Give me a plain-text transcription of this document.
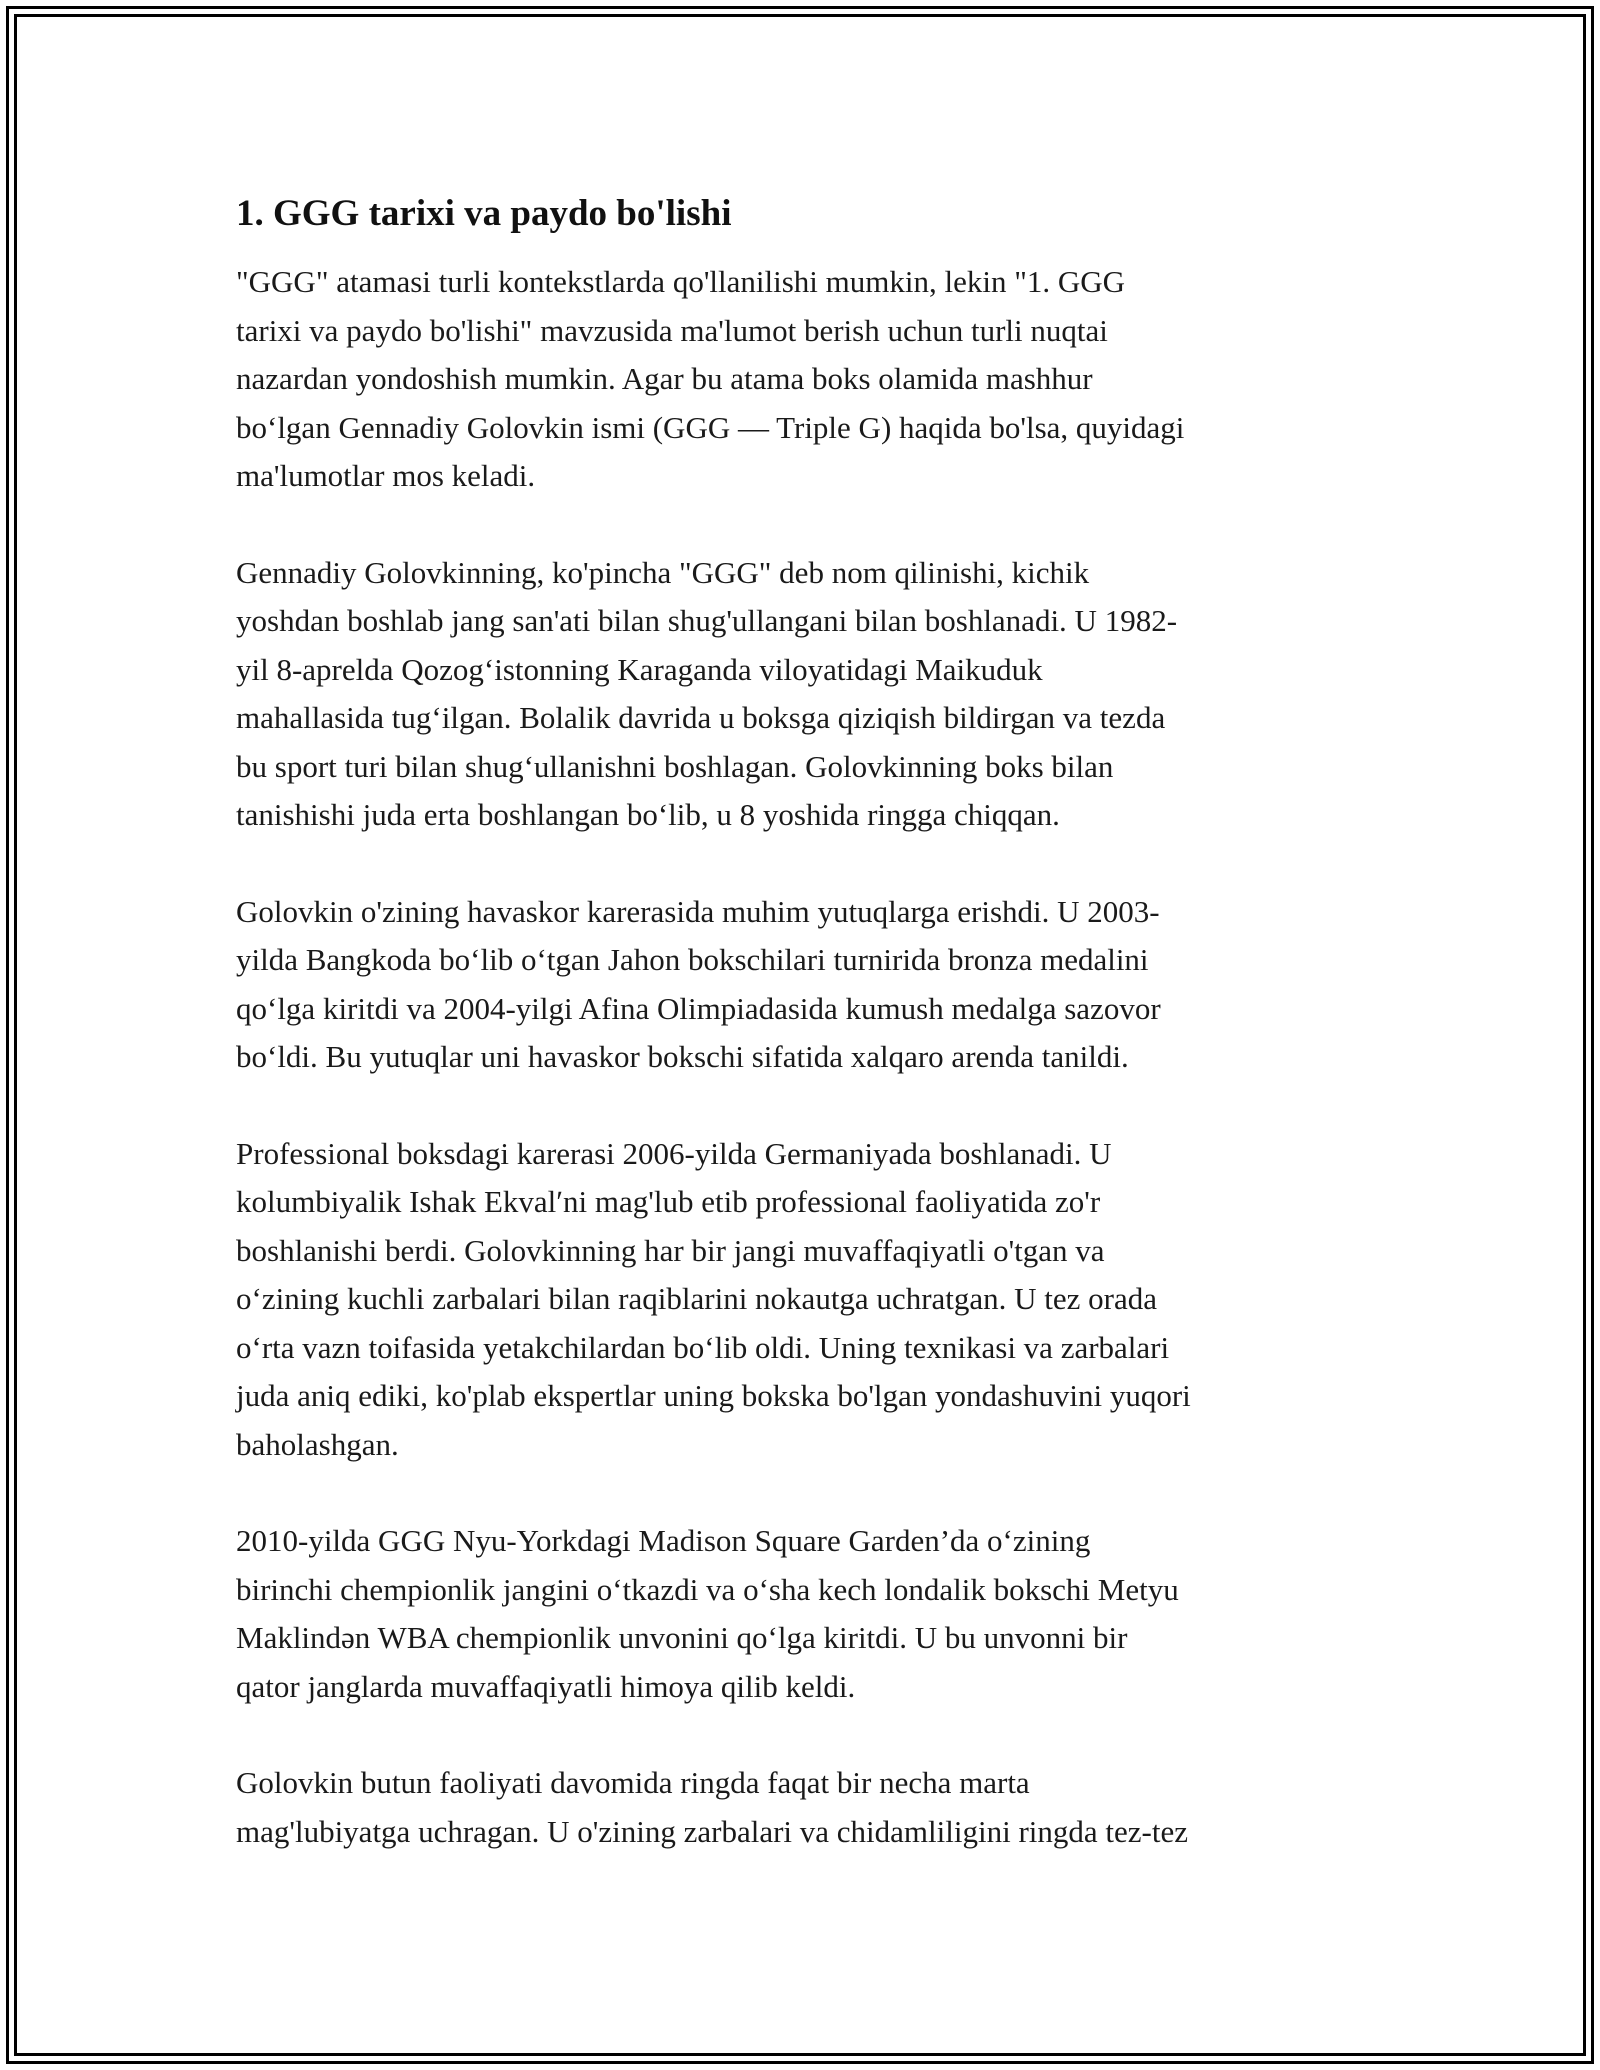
1. GGG tarixi va paydo bo'lishi

"GGG" atamasi turli kontekstlarda qo'llanilishi mumkin, lekin "1. GGG
tarixi va paydo bo'lishi" mavzusida ma'lumot berish uchun turli nuqtai
nazardan yondoshish mumkin. Agar bu atama boks olamida mashhur
boʻlgan Gennadiy Golovkin ismi (GGG — Triple G) haqida bo'lsa, quyidagi
ma'lumotlar mos keladi.

Gennadiy Golovkinning, ko'pincha "GGG" deb nom qilinishi, kichik
yoshdan boshlab jang san'ati bilan shug'ullangani bilan boshlanadi. U 1982-
yil 8-aprelda Qozogʻistonning Karaganda viloyatidagi Maikuduk
mahallasida tugʻilgan. Bolalik davrida u boksga qiziqish bildirgan va tezda
bu sport turi bilan shugʻullanishni boshlagan. Golovkinning boks bilan
tanishishi juda erta boshlangan boʻlib, u 8 yoshida ringga chiqqan.

Golovkin o'zining havaskor karerasida muhim yutuqlarga erishdi. U 2003-
yilda Bangkoda boʻlib oʻtgan Jahon bokschilari turnirida bronza medalini
qoʻlga kiritdi va 2004-yilgi Afina Olimpiadasida kumush medalga sazovor
boʻldi. Bu yutuqlar uni havaskor bokschi sifatida xalqaro arenda tanildi.

Professional boksdagi karerasi 2006-yilda Germaniyada boshlanadi. U
kolumbiyalik Ishak Ekvalʹni mag'lub etib professional faoliyatida zo'r
boshlanishi berdi. Golovkinning har bir jangi muvaffaqiyatli o'tgan va
oʻzining kuchli zarbalari bilan raqiblarini nokautga uchratgan. U tez orada
oʻrta vazn toifasida yetakchilardan boʻlib oldi. Uning texnikasi va zarbalari
juda aniq ediki, ko'plab ekspertlar uning bokska bo'lgan yondashuvini yuqori
baholashgan.

2010-yilda GGG Nyu-Yorkdagi Madison Square Garden’da oʻzining
birinchi chempionlik jangini oʻtkazdi va oʻsha kech londalik bokschi Metyu
Maklindən WBA chempionlik unvonini qoʻlga kiritdi. U bu unvonni bir
qator janglarda muvaffaqiyatli himoya qilib keldi.

Golovkin butun faoliyati davomida ringda faqat bir necha marta
mag'lubiyatga uchragan. U o'zining zarbalari va chidamliligini ringda tez-tez
